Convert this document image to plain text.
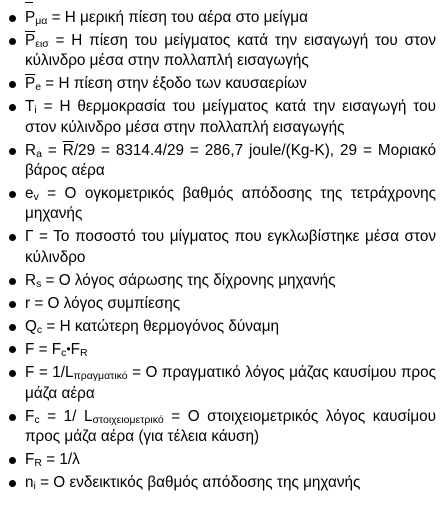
$P_{\mu\alpha} = H$ μερική πίεση του αέρα στο μείγμα
$\overline{P}_{\varepsilon\iota\sigma} = H$ πίεση του μείγματος κατά την εισαγωγή του στον κύλινδρο μέσα στην πολλαπλή εισαγωγής
$\overline{P}_e = H$ πίεση στην έξοδο των καυσαερίων
$T_i = H$ θερμοκρασία του μείγματος κατά την εισαγωγή του στον κύλινδρο μέσα στην πολλαπλή εισαγωγής
$R_a = \overline{R}/29 = 8314.4/29 = 286,7$ joule/(Kg-K), 29 = Μοριακό βάρος αέρα
$e_v = O$ ογκομετρικός βαθμός απόδοσης της τετράχρονης μηχανής
Γ = Το ποσοστό του μίγματος που εγκλωβίστηκε μέσα στον κύλινδρο
$R_s = O$ λόγος σάρωσης της δίχρονης μηχανής
r = Ο λόγος συμπίεσης
$Q_c = H$ κατώτερη θερμογόνος δύναμη
$F = F_c•F_R$
$F = 1/L_{\pi\rho\alpha\gamma\mu\alpha\tau\iota\kappa ό} = O$ πραγματικό λόγος μάζας καυσίμου προς μάζα αέρα
$F_c = 1/$ $L_{\sigma\tau o\iota\chi\varepsilon\iota o\mu\varepsilon\tau\rho\iota\kappa ό} = O$ στοιχειομετρικός λόγος καυσίμου προς μάζα αέρα (για τέλεια κάυση)
$F_R = 1/\lambda$
$n_i = O$ ενδεικτικός βαθμός απόδοσης της μηχανής
